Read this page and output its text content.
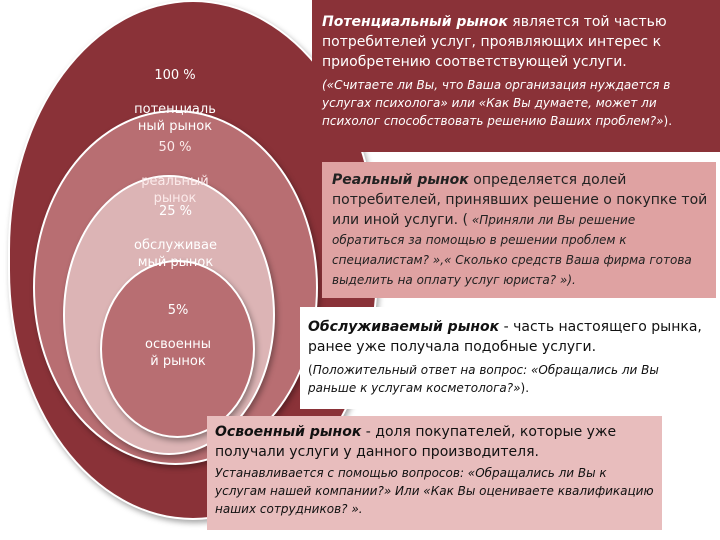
100 %

потенциаль
ный рынок

50 %

реальный
рынок

25 %

обслуживае
мый рынок

5%

освоенны
й рынок

Потенциальный рынок является той частью потребителей услуг, проявляющих интерес к приобретению соответствующей услуги.
(«Считаете ли Вы, что Ваша организация нуждается в услугах психолога» или «Как Вы думаете, может ли психолог способствовать решению Ваших проблем?»).
Реальный рынок определяется долей потребителей, принявших решение о покупке той или иной услуги. ( «Приняли ли Вы решение обратиться за помощью в решении проблем к специалистам? »,« Сколько средств Ваша фирма готова выделить на оплату услуг юриста? »).
Обслуживаемый рынок - часть настоящего рынка, ранее уже получала подобные услуги.
(Положительный ответ на вопрос: «Обращались ли Вы раньше к услугам косметолога?»).
Освоенный рынок - доля покупателей, которые уже получали услуги у данного производителя.
Устанавливается с помощью вопросов: «Обращались ли Вы к услугам нашей компании?» Или «Как Вы оцениваете квалификацию наших сотрудников? ».
